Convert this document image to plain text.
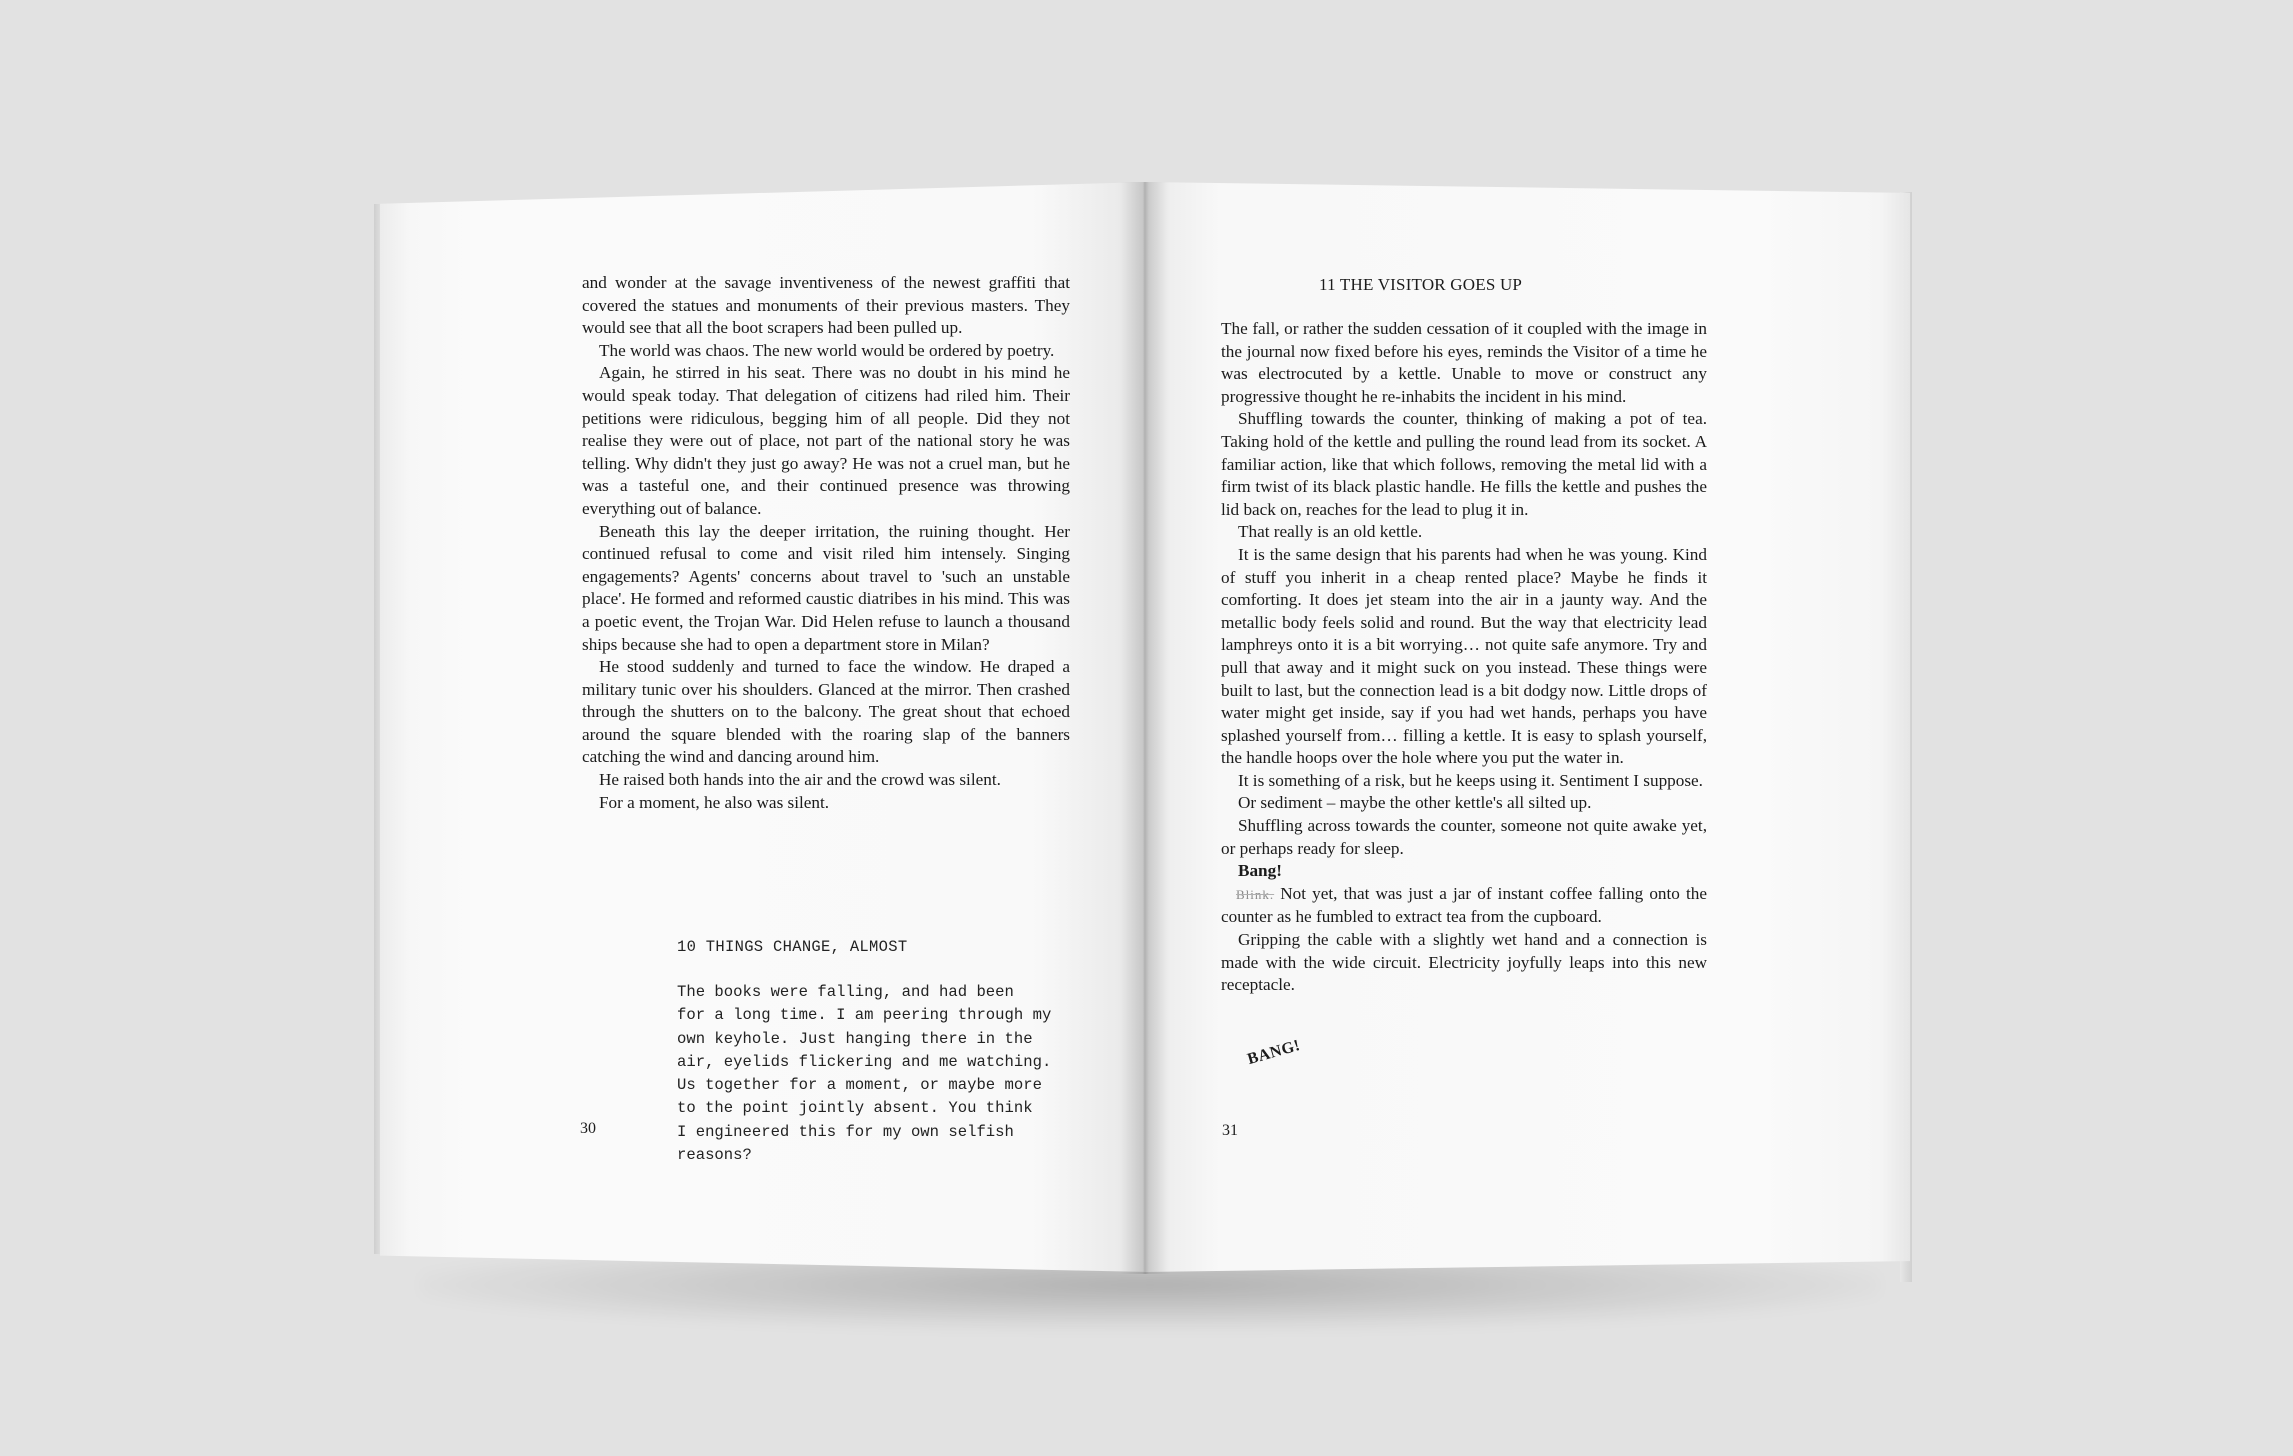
and wonder at the savage inventiveness of the newest graffiti that covered the statues and monuments of their previous masters. They would see that all the boot scrapers had been pulled up.

The world was chaos. The new world would be ordered by poetry.

Again, he stirred in his seat. There was no doubt in his mind he would speak today. That delegation of citizens had riled him. Their petitions were ridiculous, begging him of all people. Did they not realise they were out of place, not part of the national story he was telling. Why didn't they just go away? He was not a cruel man, but he was a tasteful one, and their continued presence was throwing everything out of balance.

Beneath this lay the deeper irritation, the ruining thought. Her continued refusal to come and visit riled him intensely. Singing engagements? Agents' concerns about travel to 'such an unstable place'. He formed and reformed caustic diatribes in his mind. This was a poetic event, the Trojan War. Did Helen refuse to launch a thousand ships because she had to open a department store in Milan?

He stood suddenly and turned to face the window. He draped a military tunic over his shoulders. Glanced at the mirror. Then crashed through the shutters on to the balcony. The great shout that echoed around the square blended with the roaring slap of the banners catching the wind and dancing around him.

He raised both hands into the air and the crowd was silent.

For a moment, he also was silent.

10 THINGS CHANGE, ALMOST
The books were falling, and had been
for a long time. I am peering through my
own keyhole. Just hanging there in the
air, eyelids flickering and me watching.
Us together for a moment, or maybe more
to the point jointly absent. You think
I engineered this for my own selfish
reasons?
30
11 THE VISITOR GOES UP

The fall, or rather the sudden cessation of it coupled with the image in the journal now fixed before his eyes, reminds the Visitor of a time he was electrocuted by a kettle. Unable to move or construct any progressive thought he re-inhabits the incident in his mind.

Shuffling towards the counter, thinking of making a pot of tea. Taking hold of the kettle and pulling the round lead from its socket. A familiar action, like that which follows, removing the metal lid with a firm twist of its black plastic handle. He fills the kettle and pushes the lid back on, reaches for the lead to plug it in.

That really is an old kettle.

It is the same design that his parents had when he was young. Kind of stuff you inherit in a cheap rented place? Maybe he finds it comforting. It does jet steam into the air in a jaunty way. And the metallic body feels solid and round. But the way that electricity lead lamphreys onto it is a bit worrying… not quite safe anymore. Try and pull that away and it might suck on you instead. These things were built to last, but the connection lead is a bit dodgy now. Little drops of water might get inside, say if you had wet hands, perhaps you have splashed yourself from… filling a kettle. It is easy to splash yourself, the handle hoops over the hole where you put the water in.

It is something of a risk, but he keeps using it. Sentiment I suppose.

Or sediment – maybe the other kettle's all silted up.

Shuffling across towards the counter, someone not quite awake yet, or perhaps ready for sleep.

Bang!

Blink. Not yet, that was just a jar of instant coffee falling onto the counter as he fumbled to extract tea from the cupboard.

Gripping the cable with a slightly wet hand and a connection is made with the wide circuit. Electricity joyfully leaps into this new receptacle.

BANG!
31
